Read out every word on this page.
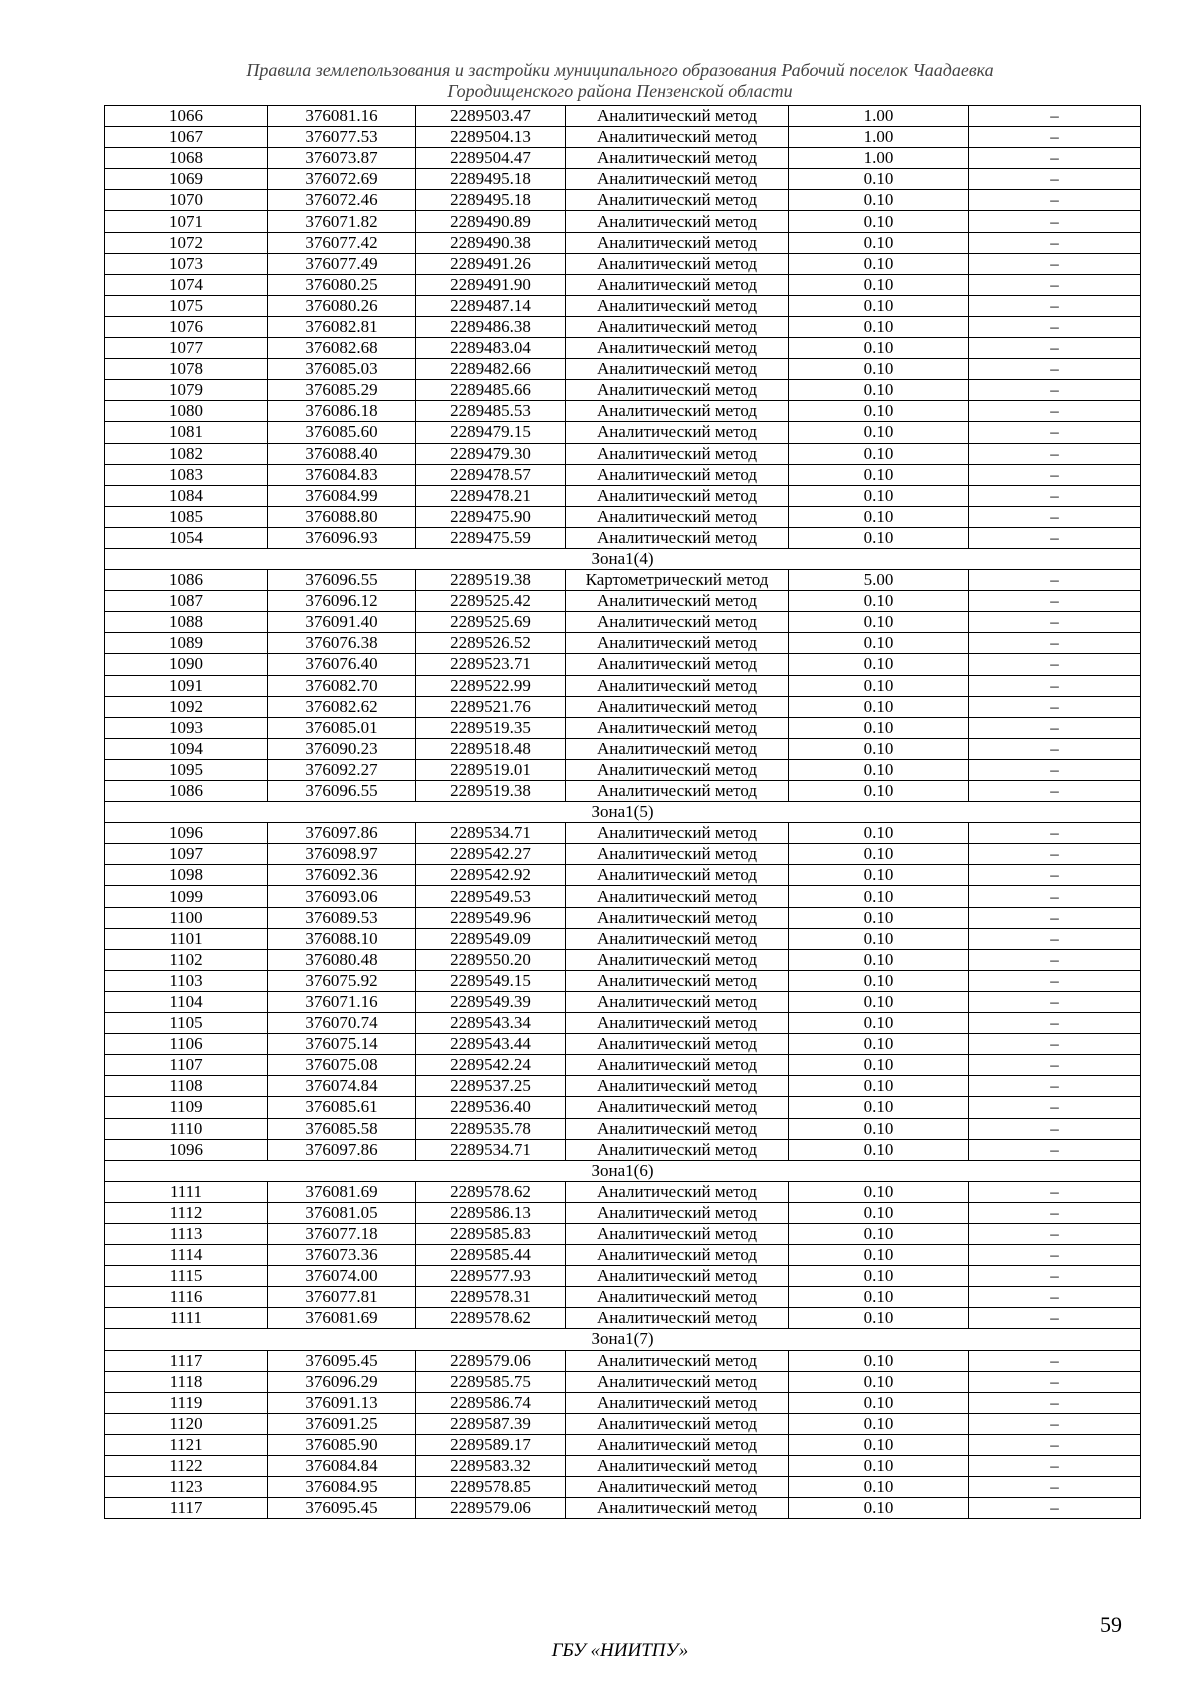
Правила землепользования и застройки муниципального образования Рабочий поселок Чаадаевка
Городищенского района Пензенской области
1066	376081.16	2289503.47	Аналитический метод	1.00	–
1067	376077.53	2289504.13	Аналитический метод	1.00	–
1068	376073.87	2289504.47	Аналитический метод	1.00	–
1069	376072.69	2289495.18	Аналитический метод	0.10	–
1070	376072.46	2289495.18	Аналитический метод	0.10	–
1071	376071.82	2289490.89	Аналитический метод	0.10	–
1072	376077.42	2289490.38	Аналитический метод	0.10	–
1073	376077.49	2289491.26	Аналитический метод	0.10	–
1074	376080.25	2289491.90	Аналитический метод	0.10	–
1075	376080.26	2289487.14	Аналитический метод	0.10	–
1076	376082.81	2289486.38	Аналитический метод	0.10	–
1077	376082.68	2289483.04	Аналитический метод	0.10	–
1078	376085.03	2289482.66	Аналитический метод	0.10	–
1079	376085.29	2289485.66	Аналитический метод	0.10	–
1080	376086.18	2289485.53	Аналитический метод	0.10	–
1081	376085.60	2289479.15	Аналитический метод	0.10	–
1082	376088.40	2289479.30	Аналитический метод	0.10	–
1083	376084.83	2289478.57	Аналитический метод	0.10	–
1084	376084.99	2289478.21	Аналитический метод	0.10	–
1085	376088.80	2289475.90	Аналитический метод	0.10	–
1054	376096.93	2289475.59	Аналитический метод	0.10	–
Зона1(4)					
1086	376096.55	2289519.38	Картометрический метод	5.00	–
1087	376096.12	2289525.42	Аналитический метод	0.10	–
1088	376091.40	2289525.69	Аналитический метод	0.10	–
1089	376076.38	2289526.52	Аналитический метод	0.10	–
1090	376076.40	2289523.71	Аналитический метод	0.10	–
1091	376082.70	2289522.99	Аналитический метод	0.10	–
1092	376082.62	2289521.76	Аналитический метод	0.10	–
1093	376085.01	2289519.35	Аналитический метод	0.10	–
1094	376090.23	2289518.48	Аналитический метод	0.10	–
1095	376092.27	2289519.01	Аналитический метод	0.10	–
1086	376096.55	2289519.38	Аналитический метод	0.10	–
Зона1(5)					
1096	376097.86	2289534.71	Аналитический метод	0.10	–
1097	376098.97	2289542.27	Аналитический метод	0.10	–
1098	376092.36	2289542.92	Аналитический метод	0.10	–
1099	376093.06	2289549.53	Аналитический метод	0.10	–
1100	376089.53	2289549.96	Аналитический метод	0.10	–
1101	376088.10	2289549.09	Аналитический метод	0.10	–
1102	376080.48	2289550.20	Аналитический метод	0.10	–
1103	376075.92	2289549.15	Аналитический метод	0.10	–
1104	376071.16	2289549.39	Аналитический метод	0.10	–
1105	376070.74	2289543.34	Аналитический метод	0.10	–
1106	376075.14	2289543.44	Аналитический метод	0.10	–
1107	376075.08	2289542.24	Аналитический метод	0.10	–
1108	376074.84	2289537.25	Аналитический метод	0.10	–
1109	376085.61	2289536.40	Аналитический метод	0.10	–
1110	376085.58	2289535.78	Аналитический метод	0.10	–
1096	376097.86	2289534.71	Аналитический метод	0.10	–
Зона1(6)					
1111	376081.69	2289578.62	Аналитический метод	0.10	–
1112	376081.05	2289586.13	Аналитический метод	0.10	–
1113	376077.18	2289585.83	Аналитический метод	0.10	–
1114	376073.36	2289585.44	Аналитический метод	0.10	–
1115	376074.00	2289577.93	Аналитический метод	0.10	–
1116	376077.81	2289578.31	Аналитический метод	0.10	–
1111	376081.69	2289578.62	Аналитический метод	0.10	–
Зона1(7)					
1117	376095.45	2289579.06	Аналитический метод	0.10	–
1118	376096.29	2289585.75	Аналитический метод	0.10	–
1119	376091.13	2289586.74	Аналитический метод	0.10	–
1120	376091.25	2289587.39	Аналитический метод	0.10	–
1121	376085.90	2289589.17	Аналитический метод	0.10	–
1122	376084.84	2289583.32	Аналитический метод	0.10	–
1123	376084.95	2289578.85	Аналитический метод	0.10	–
1117	376095.45	2289579.06	Аналитический метод	0.10	–
59
ГБУ «НИИТПУ»
